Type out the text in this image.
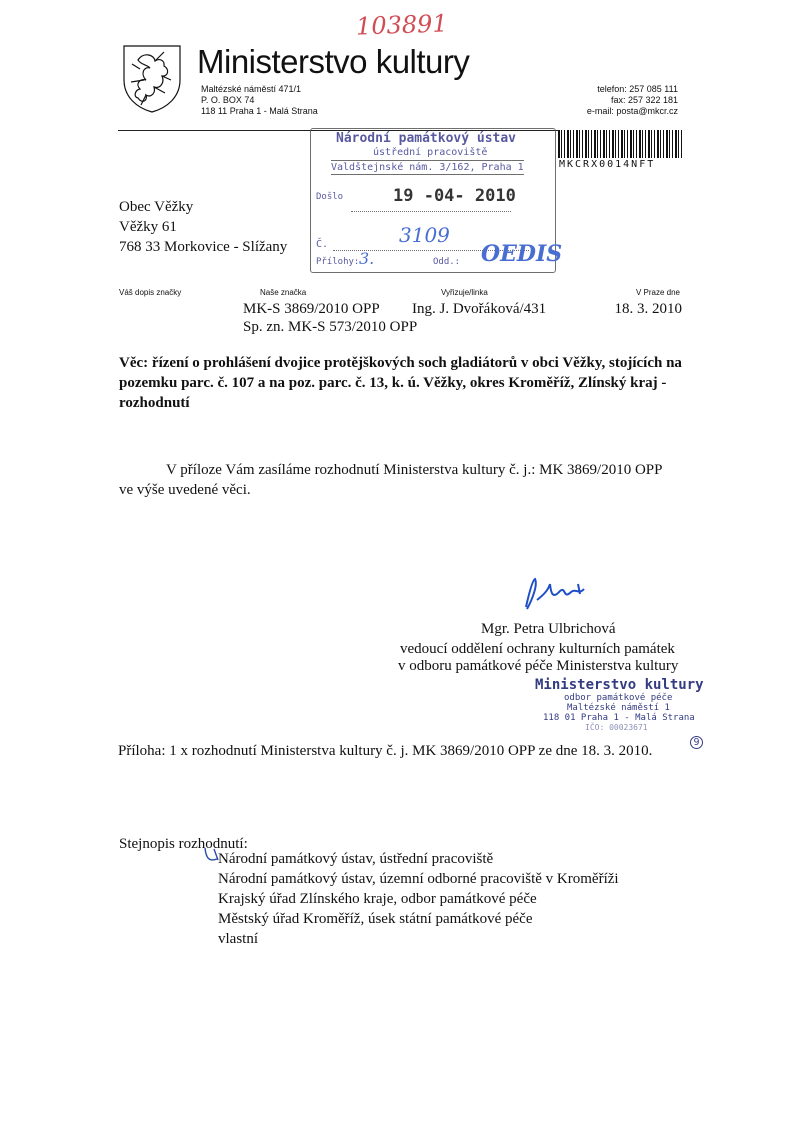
103891
Ministerstvo kultury
Maltézské náměstí 471/1
P. O. BOX 74
118 11 Praha 1 - Malá Strana
telefon: 257 085 111
fax: 257 322 181
e-mail: posta@mkcr.cz
MKCRX0014NFT
Národní památkový ústav
ústřední pracoviště
Valdštejnské nám. 3/162, Praha 1
Došlo	19 -04- 2010
Č.	3109
Přílohy: 3.	Odd.: OEDIS
Obec Věžky
Věžky 61
768 33 Morkovice - Slížany
Váš dopis značky	Naše značka	Vyřizuje/linka	V Praze dne
MK-S 3869/2010 OPP
Sp. zn. MK-S 573/2010 OPP
Ing. J. Dvořáková/431	18. 3. 2010
Věc: řízení o prohlášení dvojice protějškových soch gladiátorů v obci Věžky, stojících na pozemku parc. č. 107 a na poz. parc. č. 13, k. ú. Věžky, okres Kroměříž, Zlínský kraj - rozhodnutí
V příloze Vám zasíláme rozhodnutí Ministerstva kultury č. j.: MK 3869/2010 OPP ve výše uvedené věci.
Mgr. Petra Ulbrichová
vedoucí oddělení ochrany kulturních památek
v odboru památkové péče Ministerstva kultury
Ministerstvo kultury
odbor památkové péče
Maltézské náměstí 1
118 01 Praha 1 - Malá Strana
IČO: 00023671
9
Příloha: 1 x rozhodnutí Ministerstva kultury č. j. MK 3869/2010 OPP ze dne 18. 3. 2010.
Stejnopis rozhodnutí:
Národní památkový ústav, ústřední pracoviště
Národní památkový ústav, územní odborné pracoviště v Kroměříži
Krajský úřad Zlínského kraje, odbor památkové péče
Městský úřad Kroměříž, úsek státní památkové péče
vlastní
